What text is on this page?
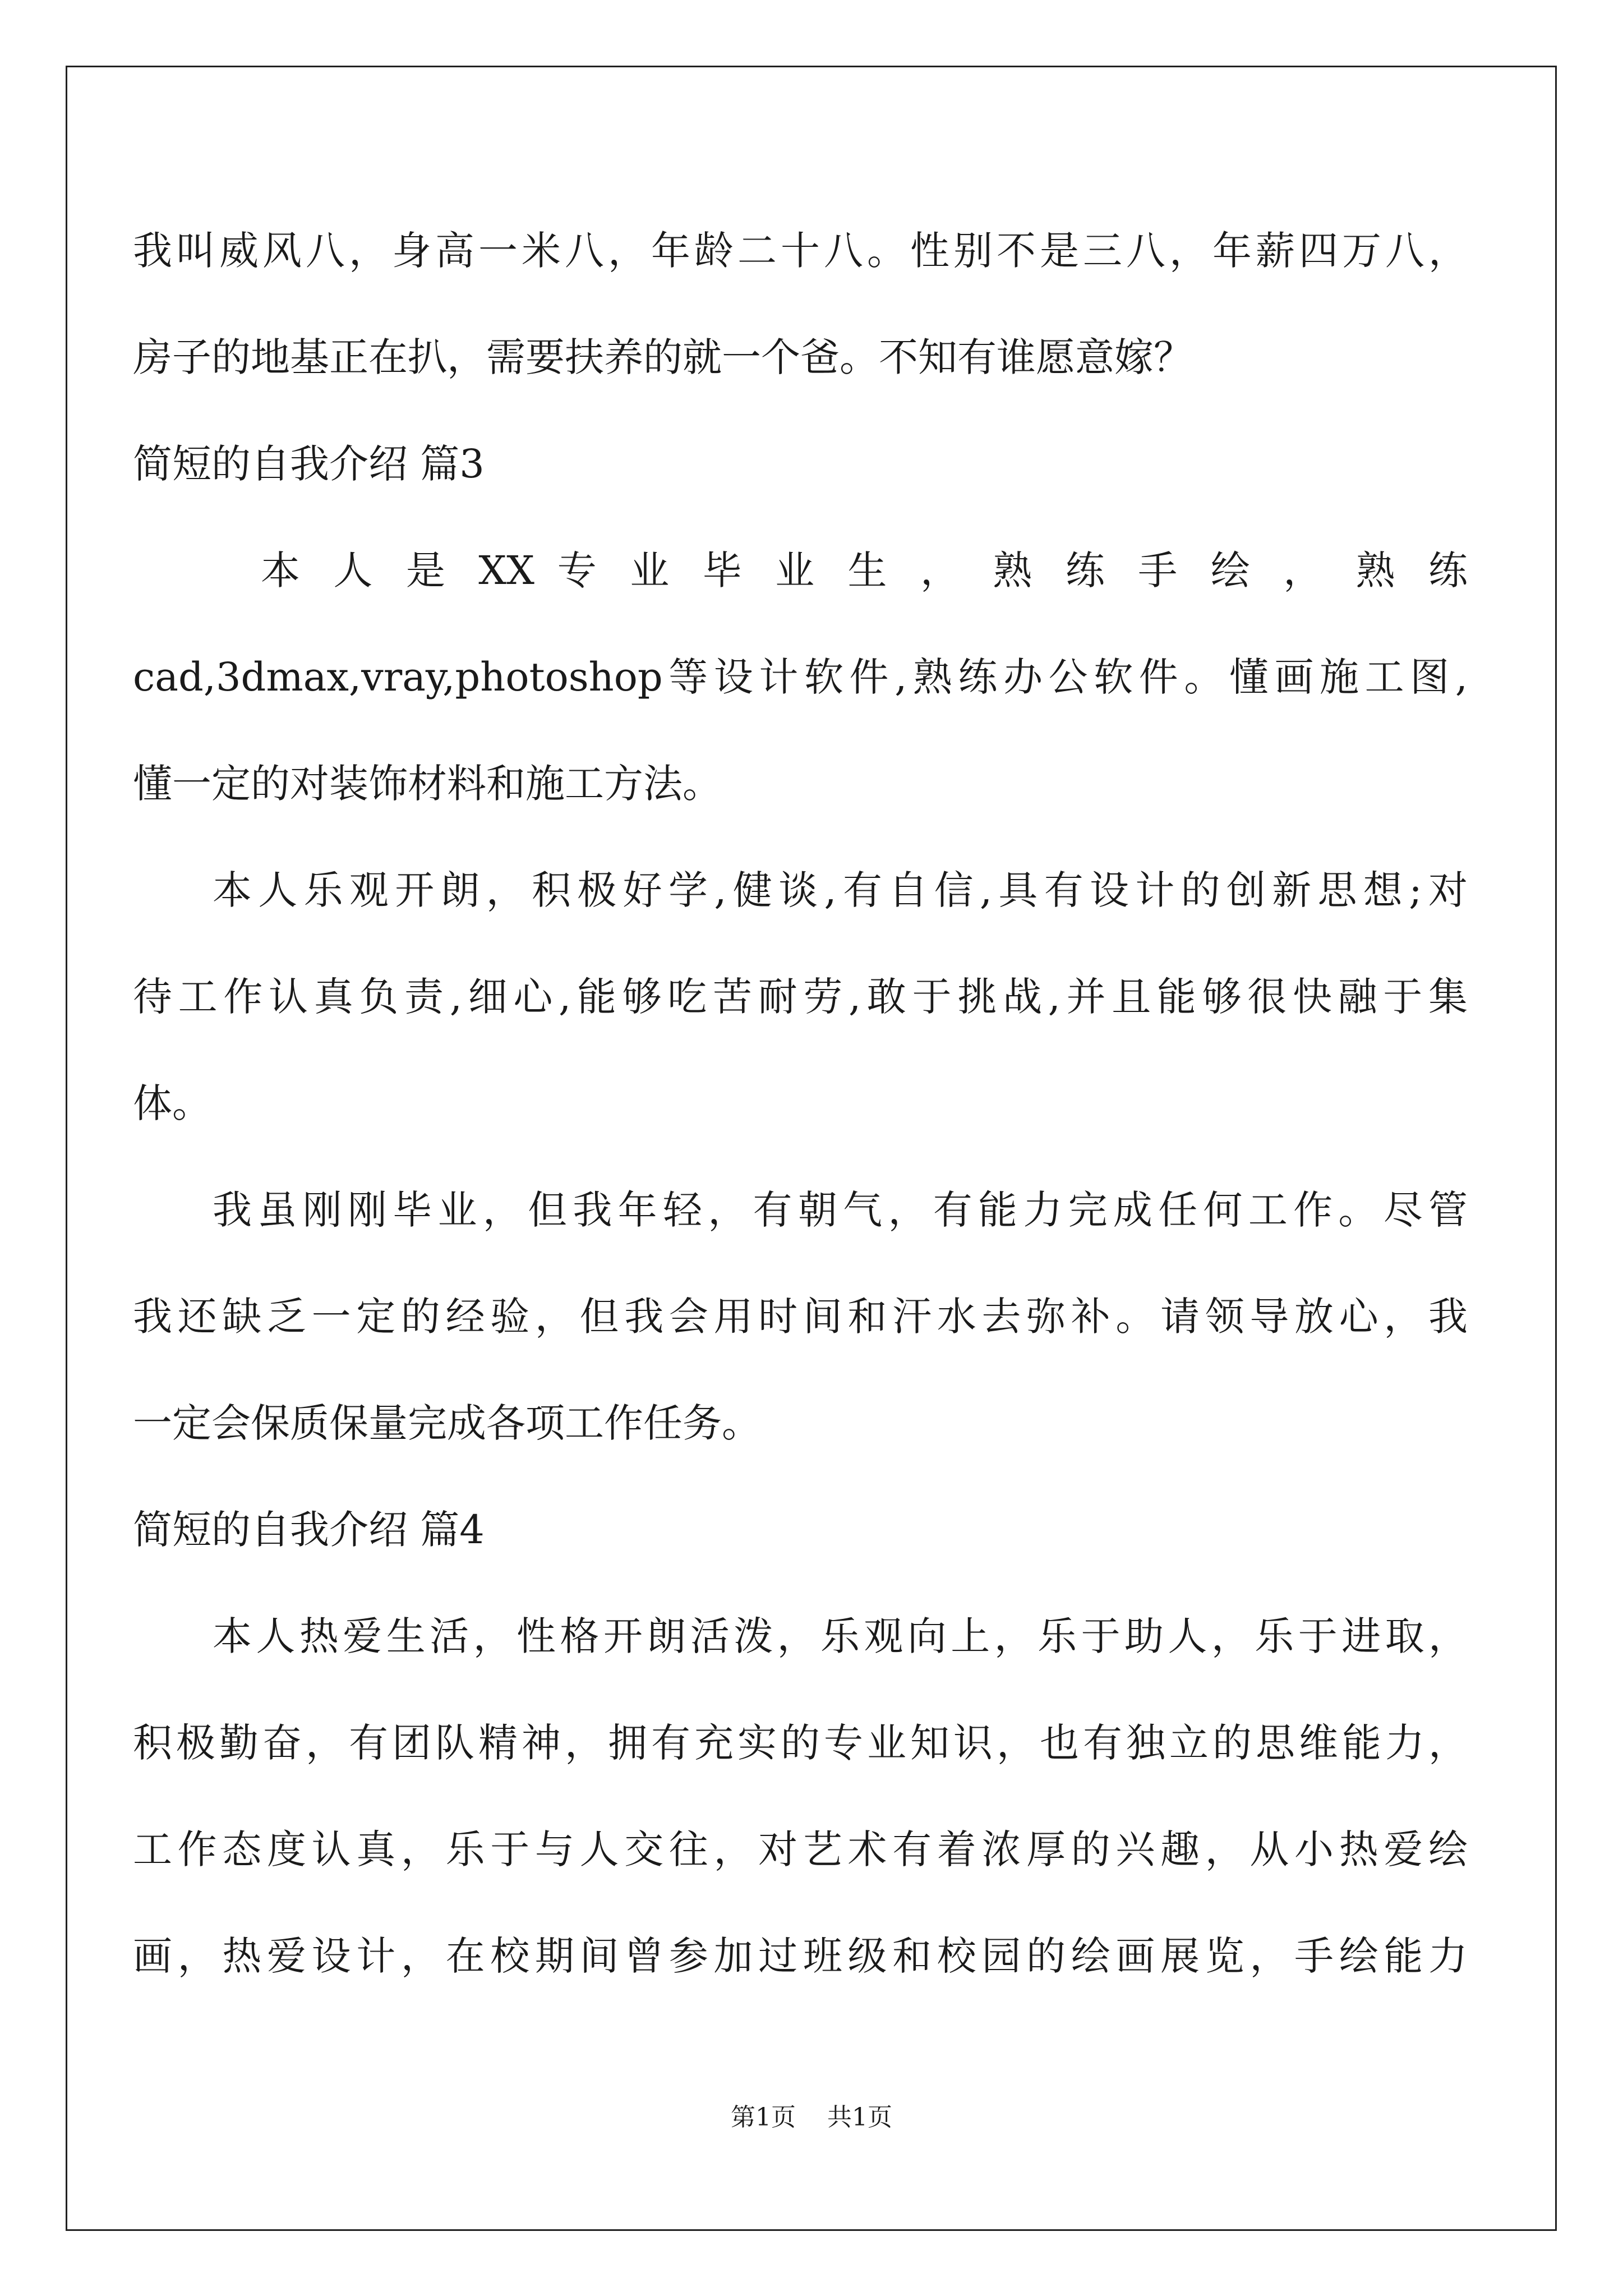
我叫威风八，身高一米八，年龄二十八。性别不是三八，年薪四万八，
房子的地基正在扒，需要扶养的就一个爸。不知有谁愿意嫁？
简短的自我介绍 篇3
本 人 是 XX 专 业 毕 业 生 ， 熟 练 手 绘 ， 熟 练
cad,3dmax,vray,photoshop等设计软件,熟练办公软件。懂画施工图,
懂一定的对装饰材料和施工方法。
本人乐观开朗，积极好学,健谈,有自信,具有设计的创新思想;对
待工作认真负责,细心,能够吃苦耐劳,敢于挑战,并且能够很快融于集
体。
我虽刚刚毕业，但我年轻，有朝气，有能力完成任何工作。尽管
我还缺乏一定的经验，但我会用时间和汗水去弥补。请领导放心，我
一定会保质保量完成各项工作任务。
简短的自我介绍 篇4
本人热爱生活，性格开朗活泼，乐观向上，乐于助人，乐于进取，
积极勤奋，有团队精神，拥有充实的专业知识，也有独立的思维能力，
工作态度认真，乐于与人交往，对艺术有着浓厚的兴趣，从小热爱绘
画，热爱设计，在校期间曾参加过班级和校园的绘画展览，手绘能力
第1页 共1页
